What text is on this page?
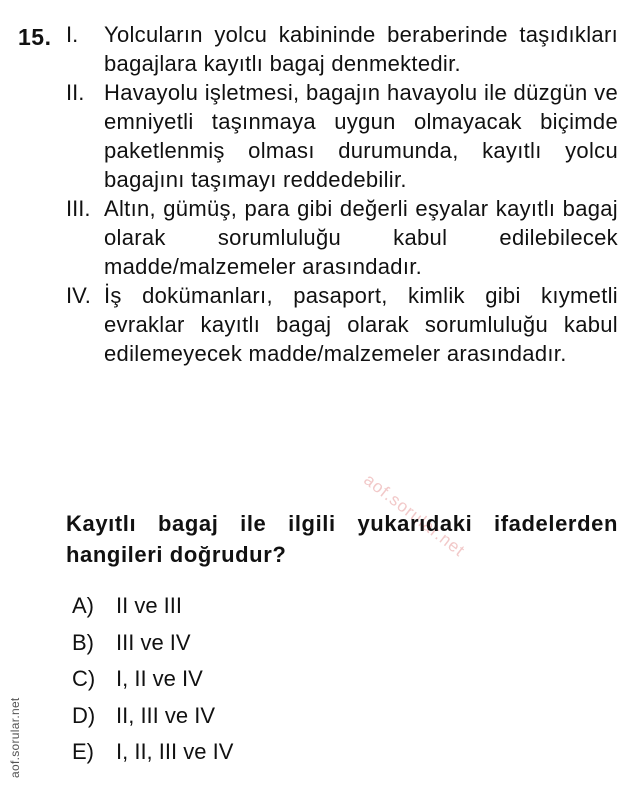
15. I.	Yolcuların yolcu kabininde beraberinde taşıdıkları bagajlara kayıtlı bagaj denmektedir.
II. Havayolu işletmesi, bagajın havayolu ile düzgün ve emniyetli taşınmaya uygun olmayacak biçimde paketlenmiş olması durumunda, kayıtlı yolcu bagajını taşımayı reddedebilir.
III. Altın, gümüş, para gibi değerli eşyalar kayıtlı bagaj olarak sorumluluğu kabul edilebilecek madde/malzemeler arasındadır.
IV. İş dokümanları, pasaport, kimlik gibi kıymetli evraklar kayıtlı bagaj olarak sorumluluğu kabul edilemeyecek madde/malzemeler arasındadır.
aof.sorular.net
Kayıtlı bagaj ile ilgili yukarıdaki ifadelerden hangileri doğrudur?
A)	II ve III
B)	III ve IV
C) I, II ve IV
D) II, III ve IV
E)	I, II, III ve IV
aof.sorular.net
